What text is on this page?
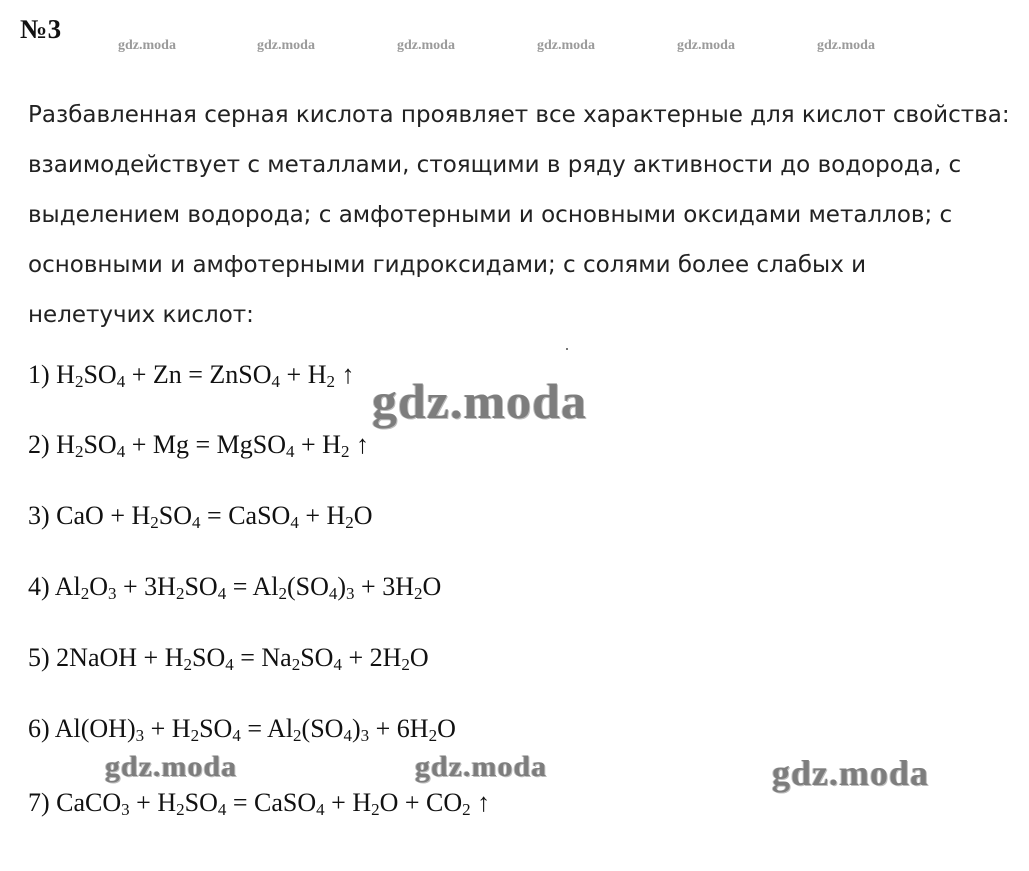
№3
gdz.moda	gdz.moda	gdz.moda	gdz.moda	gdz.moda	gdz.moda
Разбавленная серная кислота проявляет все характерные для кислот свойства:
взаимодействует с металлами, стоящими в ряду активности до водорода, с
выделением водорода; с амфотерными и основными оксидами металлов; с
основными и амфотерными гидроксидами; с солями более слабых и
нелетучих кислот:
1) $H_2SO_4 + Zn$ = ZnSO$_4$ + $H_2$ ↑
2) $H_2SO_4 + Mg$ = MgSO$_4$ + $H_2$ ↑
3) CaO + $H_2SO_4$ = CaSO$_4$ + $H_2O$
4) $Al_2O_3 + 3H_2SO_4 = Al_2(SO_4)_3 + 3H_2O$
5) 2NaOH + $H_2SO_4 = Na_2SO_4 + 2H_2O$
6) $Al(OH)_3 + H_2SO_4 = Al_2(SO_4)_3 + 6H_2O$
7) CaCO$_3$ + $H_2SO_4$ = CaSO$_4$ + $H_2O + CO_2$ ↑
gdz.moda
gdz.moda	gdz.moda	gdz.moda
